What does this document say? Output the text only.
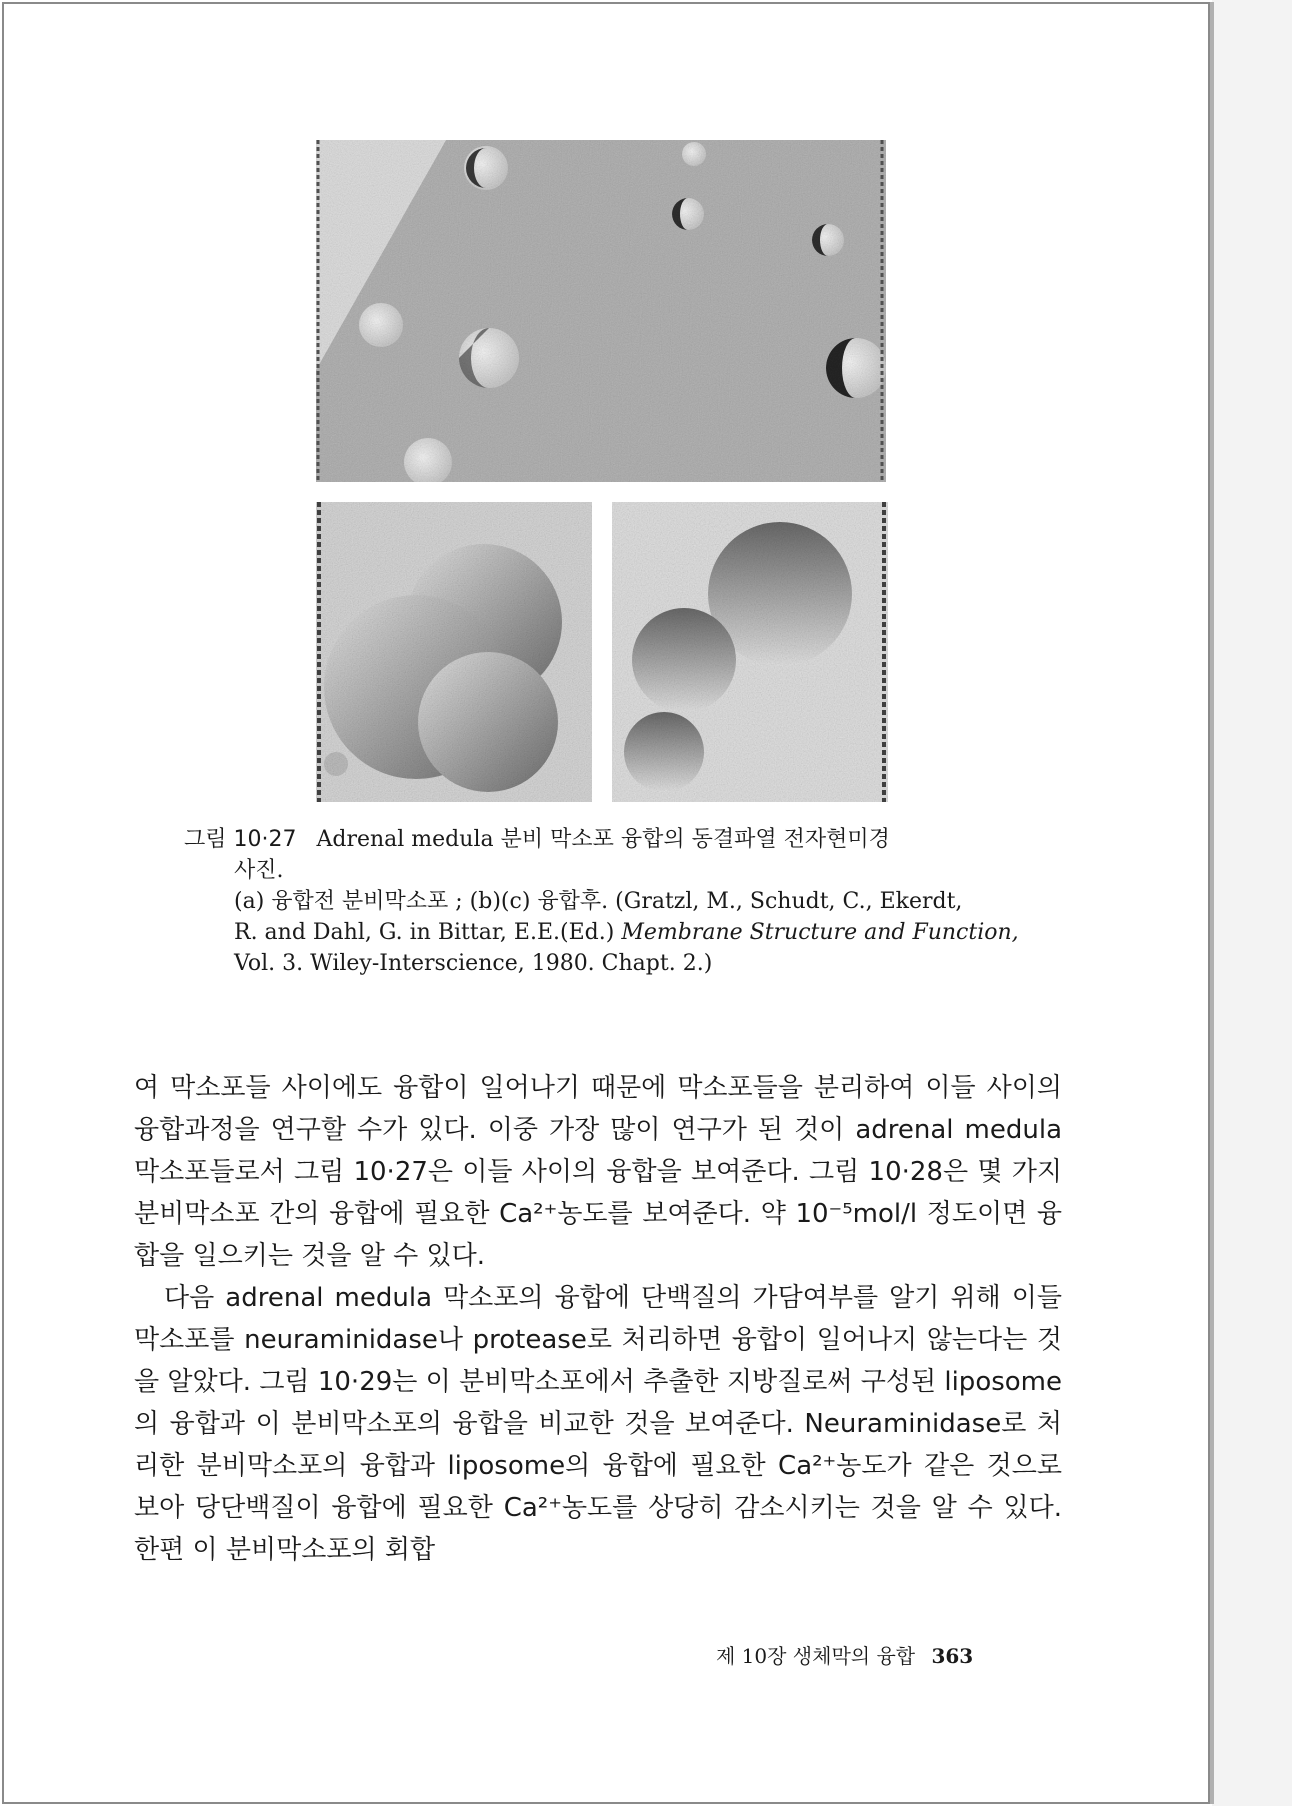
그림 10·27 Adrenal medula 분비 막소포 융합의 동결파열 전자현미경
사진.
(a) 융합전 분비막소포 ; (b)(c) 융합후. (Gratzl, M., Schudt, C., Ekerdt,
R. and Dahl, G. in Bittar, E.E.(Ed.) Membrane Structure and Function,
Vol. 3. Wiley-Interscience, 1980. Chapt. 2.)

여 막소포들 사이에도 융합이 일어나기 때문에 막소포들을 분리하여 이들 사이의 융합과정을 연구할 수가 있다. 이중 가장 많이 연구가 된 것이 adrenal medula 막소포들로서 그림 10·27은 이들 사이의 융합을 보여준다. 그림 10·28은 몇 가지 분비막소포 간의 융합에 필요한 Ca²⁺농도를 보여준다. 약 10⁻⁵mol/l 정도이면 융합을 일으키는 것을 알 수 있다.

다음 adrenal medula 막소포의 융합에 단백질의 가담여부를 알기 위해 이들 막소포를 neuraminidase나 protease로 처리하면 융합이 일어나지 않는다는 것을 알았다. 그림 10·29는 이 분비막소포에서 추출한 지방질로써 구성된 liposome의 융합과 이 분비막소포의 융합을 비교한 것을 보여준다. Neuraminidase로 처리한 분비막소포의 융합과 liposome의 융합에 필요한 Ca²⁺농도가 같은 것으로 보아 당단백질이 융합에 필요한 Ca²⁺농도를 상당히 감소시키는 것을 알 수 있다. 한편 이 분비막소포의 회합

제 10장 생체막의 융합 363
